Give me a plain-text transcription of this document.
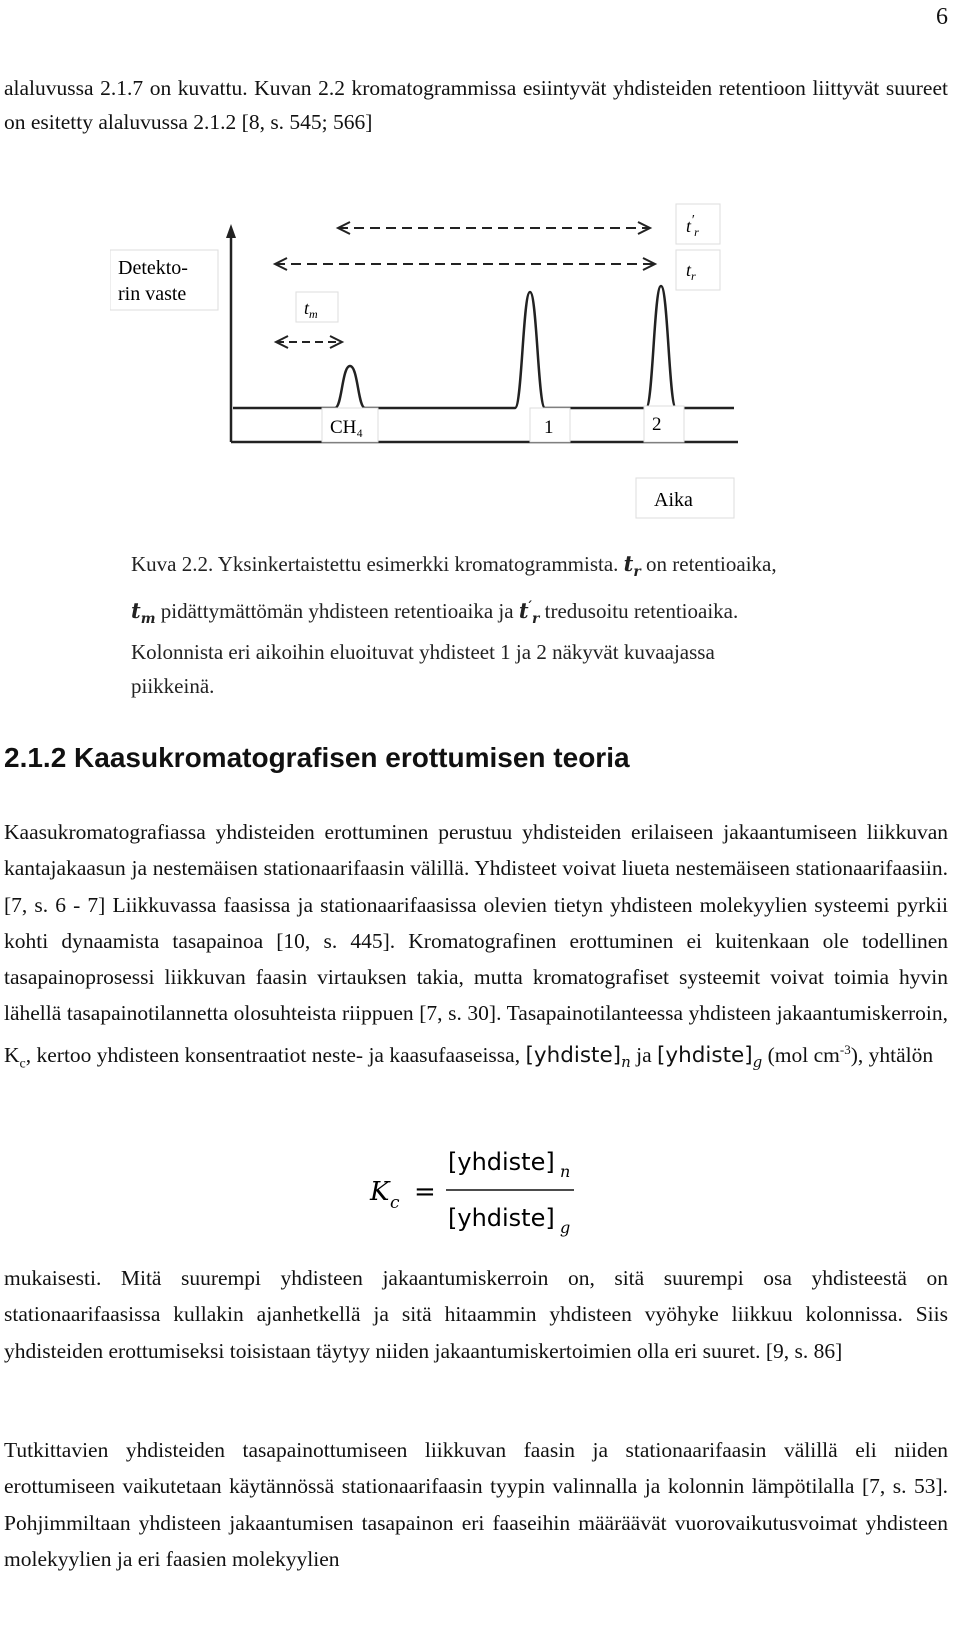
6
alaluvussa 2.1.7 on kuvattu. Kuvan 2.2 kromatogrammissa esiintyvät yhdisteiden retentioon liittyvät suureet on esitetty alaluvussa 2.1.2 [8, s. 545; 566]
Detekto-
rin vaste
$t_m$
$t'_r$
$t_r$
CH₄	1	2
Aika
Kuva 2.2. Yksinkertaistettu esimerkki kromatogrammista. $t_r$ on retentioaika, $t_m$ pidättymättömän yhdisteen retentioaika ja $t'_r$ tredusoitu retentioaika. Kolonnista eri aikoihin eluoituvat yhdisteet 1 ja 2 näkyvät kuvaajassa piikkeinä.
2.1.2 Kaasukromatografisen erottumisen teoria
Kaasukromatografiassa yhdisteiden erottuminen perustuu yhdisteiden erilaiseen jakaantumiseen liikkuvan kantajakaasun ja nestemäisen stationaarifaasin välillä. Yhdisteet voivat liueta nestemäiseen stationaarifaasiin. [7, s. 6 - 7] Liikkuvassa faasissa ja stationaarifaasissa olevien tietyn yhdisteen molekyylien systeemi pyrkii kohti dynaamista tasapainoa [10, s. 445]. Kromatografinen erottuminen ei kuitenkaan ole todellinen tasapainoprosessi liikkuvan faasin virtauksen takia, mutta kromatografiset systeemit voivat toimia hyvin lähellä tasapainotilannetta olosuhteista riippuen [7, s. 30]. Tasapainotilanteessa yhdisteen jakaantumiskerroin, $K_c$, kertoo yhdisteen konsentraatiot neste- ja kaasufaaseissa, $[yhdiste]_n$ ja $[yhdiste]_g$ (mol $cm^{-3}$), yhtälön
K c =
[yhdiste] n
[yhdiste] g
mukaisesti. Mitä suurempi yhdisteen jakaantumiskerroin on, sitä suurempi osa yhdisteestä on stationaarifaasissa kullakin ajanhetkellä ja sitä hitaammin yhdisteen vyöhyke liikkuu kolonnissa. Siis yhdisteiden erottumiseksi toisistaan täytyy niiden jakaantumiskertoimien olla eri suuret. [9, s. 86]
Tutkittavien yhdisteiden tasapainottumiseen liikkuvan faasin ja stationaarifaasin välillä eli niiden erottumiseen vaikutetaan käytännössä stationaarifaasin tyypin valinnalla ja kolonnin lämpötilalla [7, s. 53]. Pohjimmiltaan yhdisteen jakaantumisen tasapainon eri faaseihin määräävät vuorovaikutusvoimat yhdisteen molekyylien ja eri faasien molekyylien
